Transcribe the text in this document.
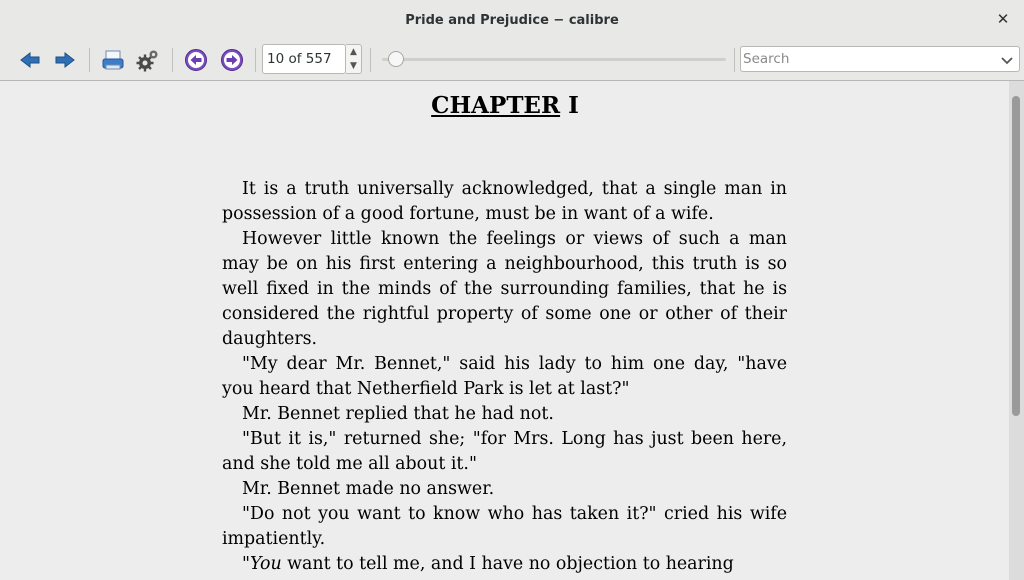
Pride and Prejudice − calibre	✕
10 of 557	▲
▼
Search
CHAPTER I

It is a truth universally acknowledged, that a single man in possession of a good fortune, must be in want of a wife.

However little known the feelings or views of such a man may be on his first entering a neighbourhood, this truth is so well fixed in the minds of the surrounding families, that he is considered the rightful property of some one or other of their daughters.

"My dear Mr. Bennet," said his lady to him one day, "have you heard that Netherfield Park is let at last?"

Mr. Bennet replied that he had not.

"But it is," returned she; "for Mrs. Long has just been here, and she told me all about it."

Mr. Bennet made no answer.

"Do not you want to know who has taken it?" cried his wife impatiently.

"You want to tell me, and I have no objection to hearing
